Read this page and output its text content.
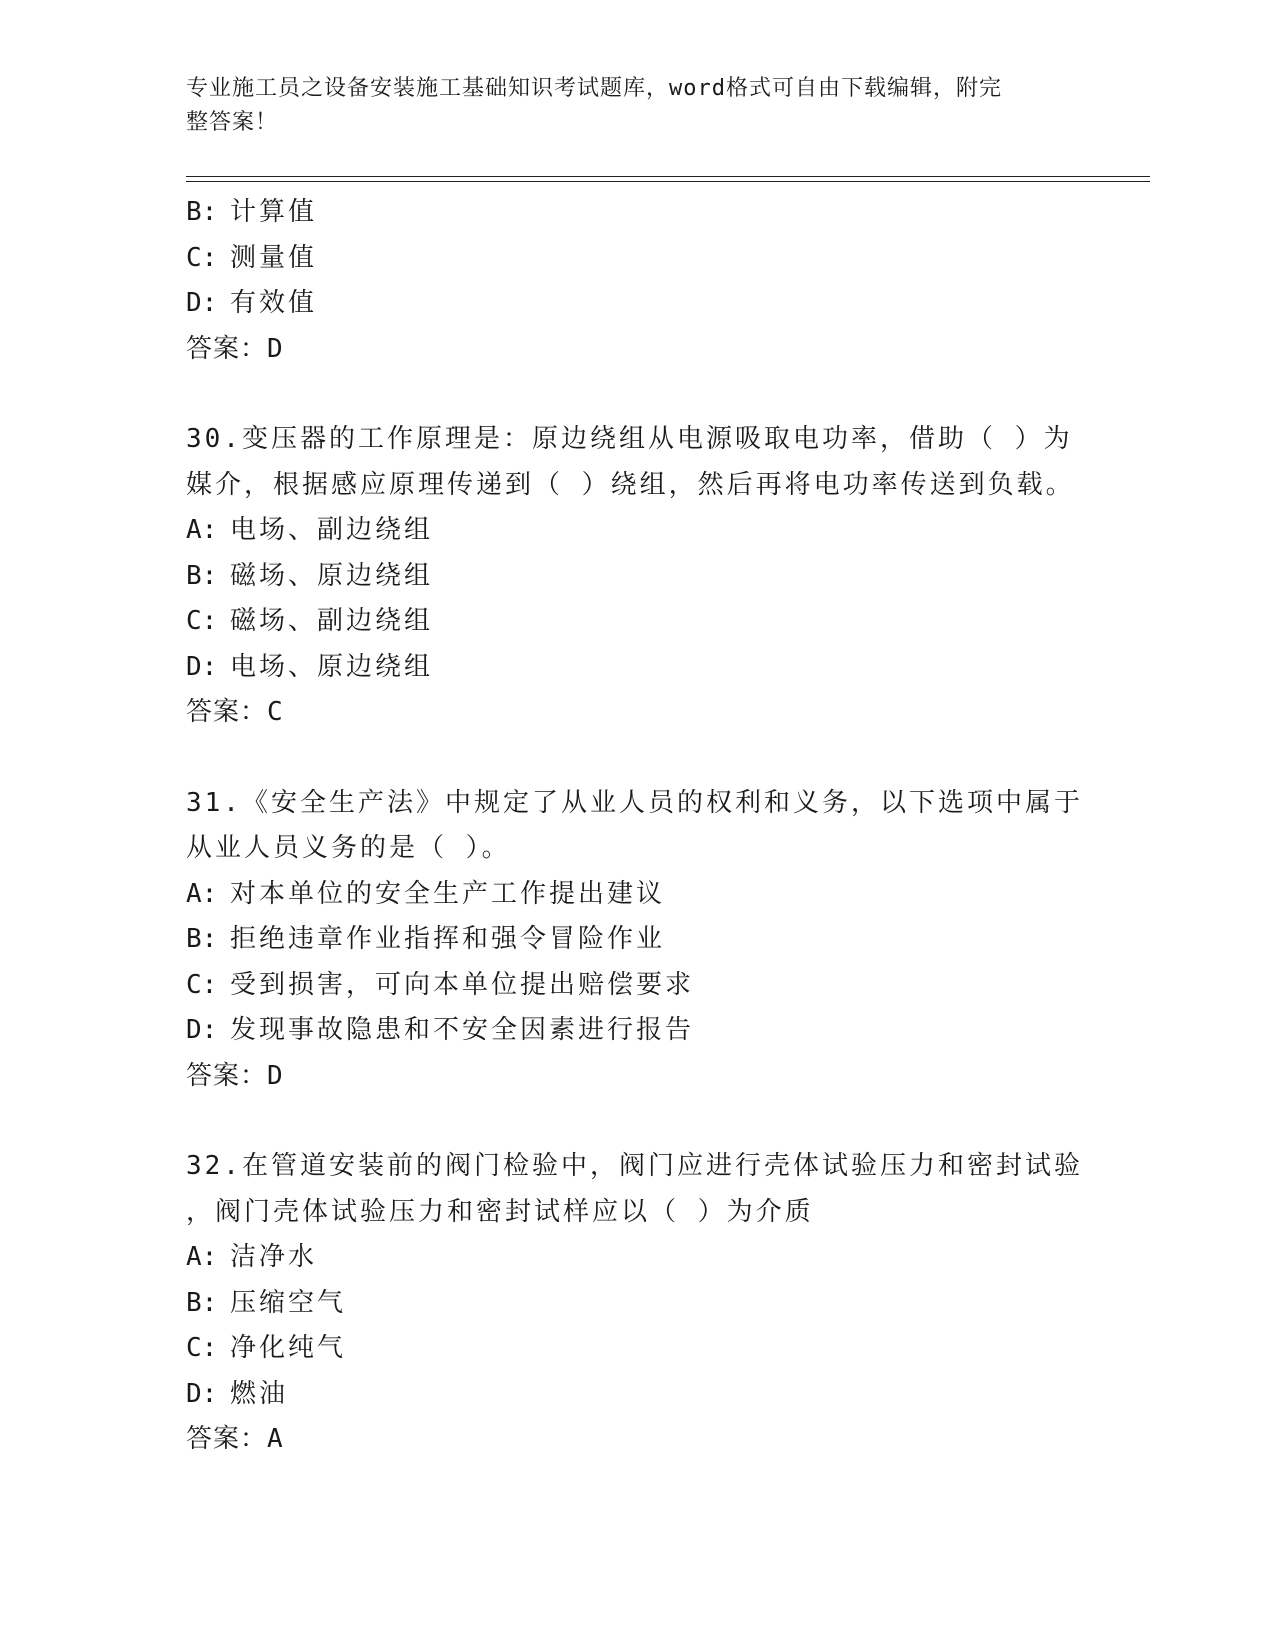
专业施工员之设备安装施工基础知识考试题库，word格式可自由下载编辑，附完
整答案！
B: 计算值
C: 测量值
D: 有效值
答案：D
30.变压器的工作原理是：原边绕组从电源吸取电功率，借助（ ）为
媒介，根据感应原理传递到（ ）绕组，然后再将电功率传送到负载。
A: 电场、副边绕组
B: 磁场、原边绕组
C: 磁场、副边绕组
D: 电场、原边绕组
答案：C
31.《安全生产法》中规定了从业人员的权利和义务，以下选项中属于
从业人员义务的是（ ）。
A: 对本单位的安全生产工作提出建议
B: 拒绝违章作业指挥和强令冒险作业
C: 受到损害，可向本单位提出赔偿要求
D: 发现事故隐患和不安全因素进行报告
答案：D
32.在管道安装前的阀门检验中，阀门应进行壳体试验压力和密封试验
，阀门壳体试验压力和密封试样应以（ ）为介质
A: 洁净水
B: 压缩空气
C: 净化纯气
D: 燃油
答案：A
